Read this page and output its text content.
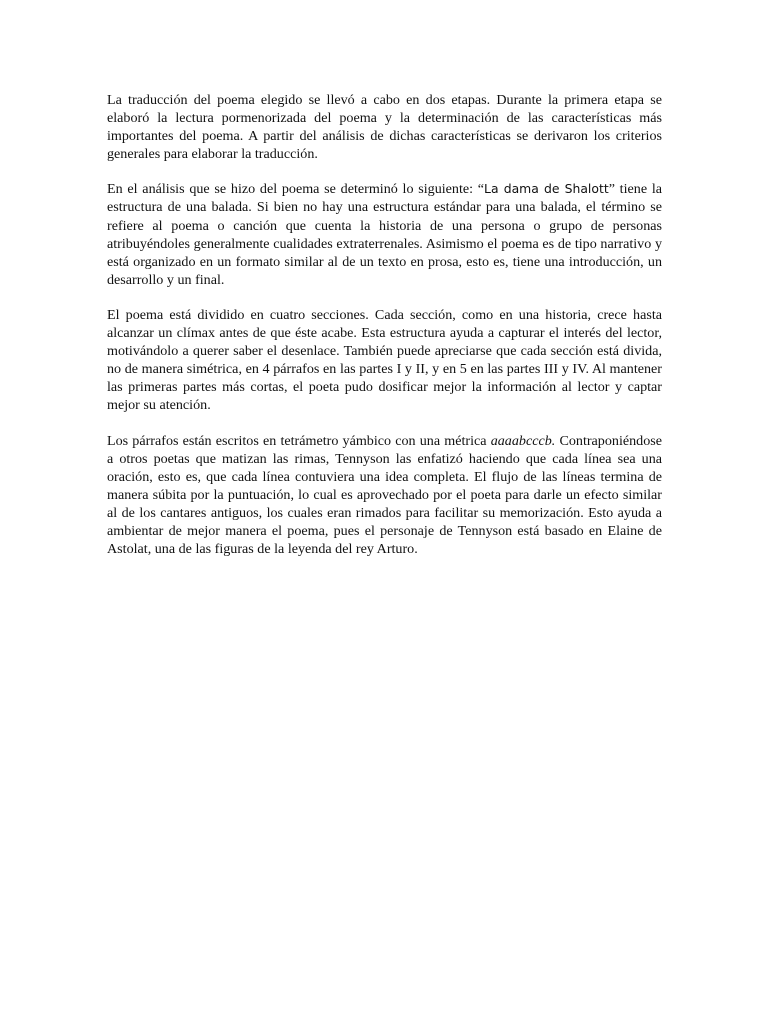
La traducción del poema elegido se llevó a cabo en dos etapas. Durante la primera etapa se elaboró la lectura pormenorizada del poema y la determinación de las características más importantes del poema. A partir del análisis de dichas características se derivaron los criterios generales para elaborar la traducción.

En el análisis que se hizo del poema se determinó lo siguiente: “La dama de Shalott” tiene la estructura de una balada. Si bien no hay una estructura estándar para una balada, el término se refiere al poema o canción que cuenta la historia de una persona o grupo de personas atribuyéndoles generalmente cualidades extraterrenales. Asimismo el poema es de tipo narrativo y está organizado en un formato similar al de un texto en prosa, esto es, tiene una introducción, un desarrollo y un final.

El poema está dividido en cuatro secciones. Cada sección, como en una historia, crece hasta alcanzar un clímax antes de que éste acabe. Esta estructura ayuda a capturar el interés del lector, motivándolo a querer saber el desenlace. También puede apreciarse que cada sección está divida, no de manera simétrica, en 4 párrafos en las partes I y II, y en 5 en las partes III y IV. Al mantener las primeras partes más cortas, el poeta pudo dosificar mejor la información al lector y captar mejor su atención.

Los párrafos están escritos en tetrámetro yámbico con una métrica aaaabcccb. Contraponiéndose a otros poetas que matizan las rimas, Tennyson las enfatizó haciendo que cada línea sea una oración, esto es, que cada línea contuviera una idea completa. El flujo de las líneas termina de manera súbita por la puntuación, lo cual es aprovechado por el poeta para darle un efecto similar al de los cantares antiguos, los cuales eran rimados para facilitar su memorización. Esto ayuda a ambientar de mejor manera el poema, pues el personaje de Tennyson está basado en Elaine de Astolat, una de las figuras de la leyenda del rey Arturo.
